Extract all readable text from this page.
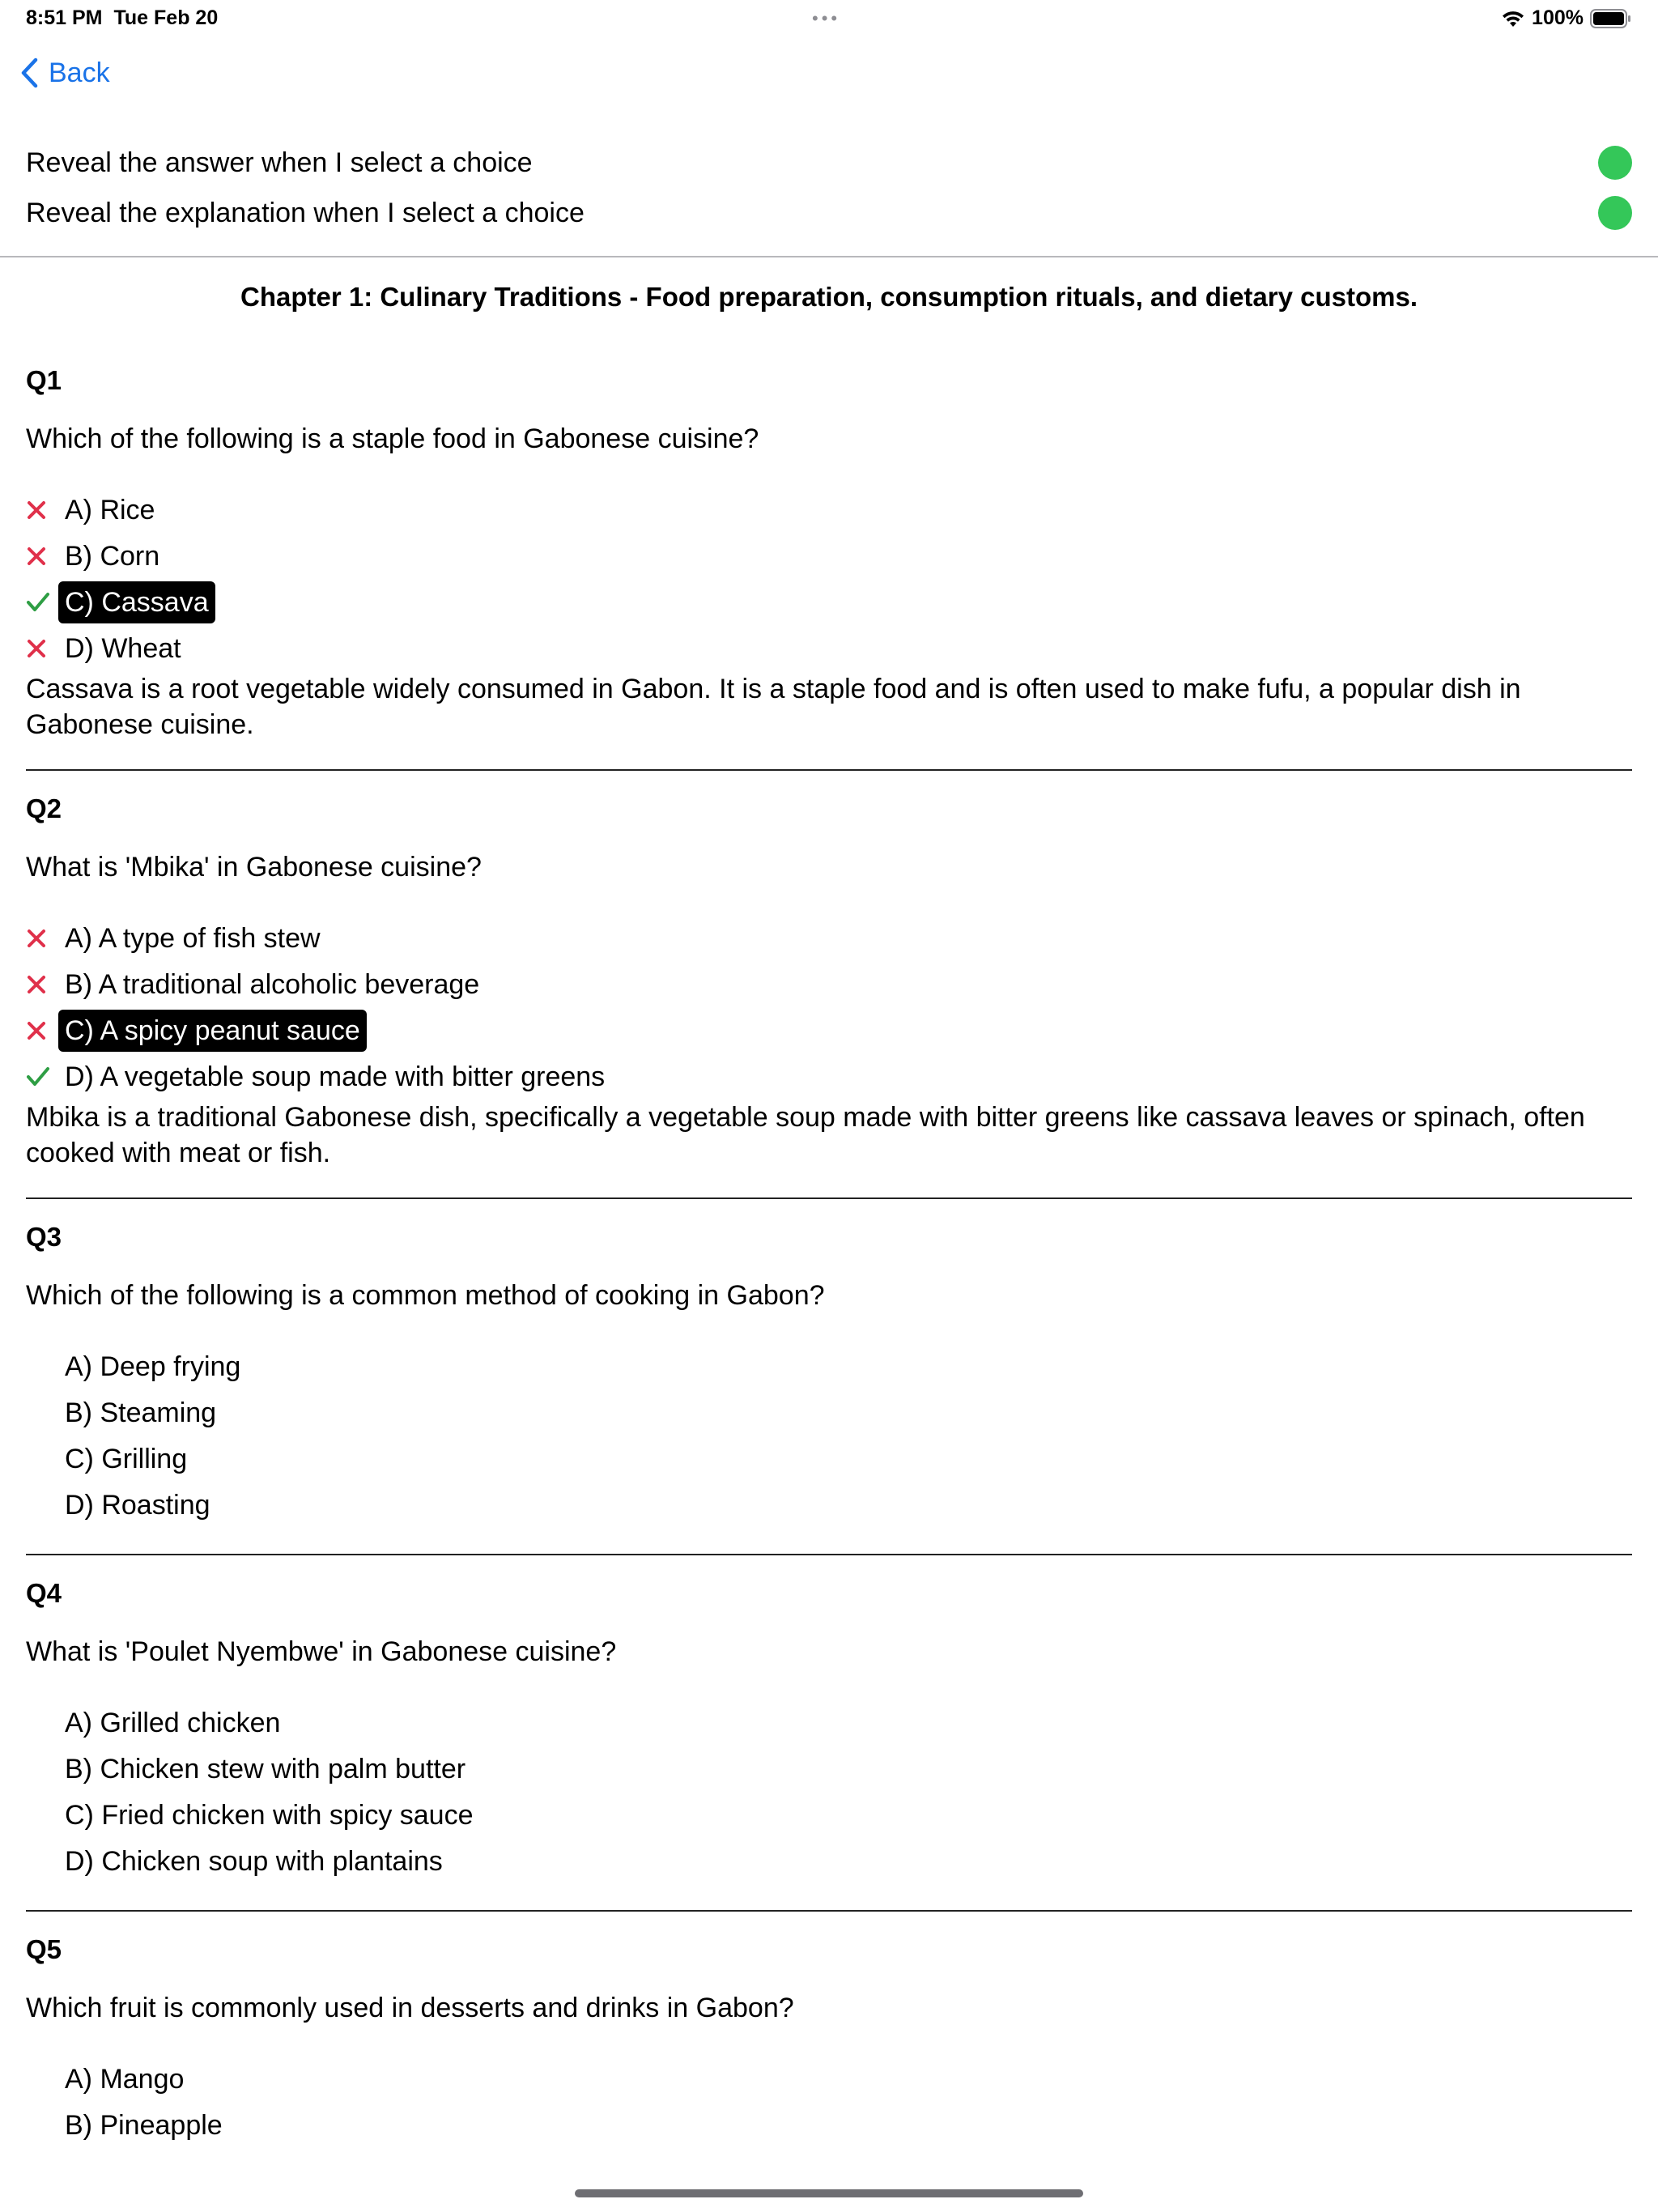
8:51 PM Tue Feb 20	•••	100%
Back
Reveal the answer when I select a choice
Reveal the explanation when I select a choice
Chapter 1: Culinary Traditions - Food preparation, consumption rituals, and dietary customs.
Q1
Which of the following is a staple food in Gabonese cuisine?
A) Rice
B) Corn
C) Cassava
D) Wheat
Cassava is a root vegetable widely consumed in Gabon. It is a staple food and is often used to make fufu, a popular dish in Gabonese cuisine.
Q2
What is 'Mbika' in Gabonese cuisine?
A) A type of fish stew
B) A traditional alcoholic beverage
C) A spicy peanut sauce
D) A vegetable soup made with bitter greens
Mbika is a traditional Gabonese dish, specifically a vegetable soup made with bitter greens like cassava leaves or spinach, often cooked with meat or fish.
Q3
Which of the following is a common method of cooking in Gabon?
A) Deep frying
B) Steaming
C) Grilling
D) Roasting
Q4
What is 'Poulet Nyembwe' in Gabonese cuisine?
A) Grilled chicken
B) Chicken stew with palm butter
C) Fried chicken with spicy sauce
D) Chicken soup with plantains
Q5
Which fruit is commonly used in desserts and drinks in Gabon?
A) Mango
B) Pineapple
